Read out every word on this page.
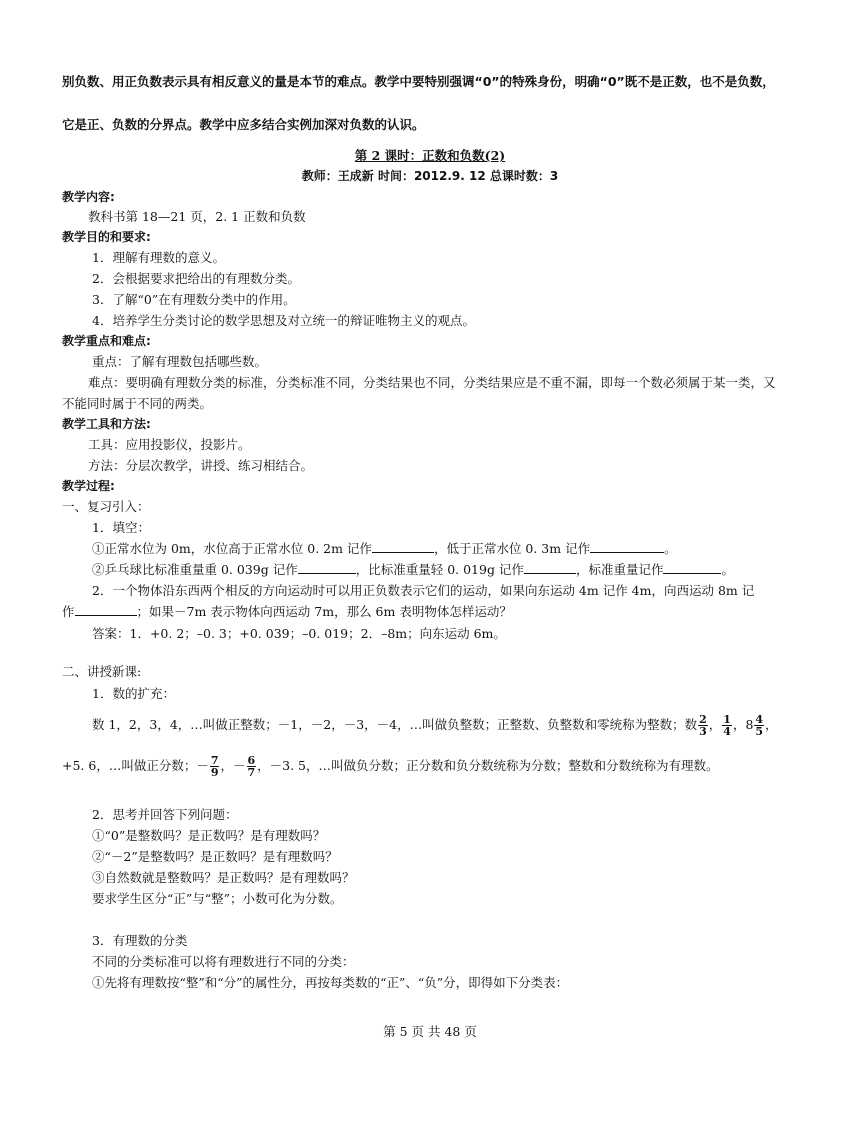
别负数、用正负数表示具有相反意义的量是本节的难点。教学中要特别强调“0”的特殊身份，明确“0”既不是正数，也不是负数，
它是正、负数的分界点。教学中应多结合实例加深对负数的认识。
第 2 课时：正数和负数(2)
教师：王成新 时间：2012.9. 12 总课时数：3
教学内容:
教科书第 18—21 页，2. 1 正数和负数
教学目的和要求:
1．理解有理数的意义。
2．会根据要求把给出的有理数分类。
3．了解“0”在有理数分类中的作用。
4．培养学生分类讨论的数学思想及对立统一的辩证唯物主义的观点。
教学重点和难点:
重点：了解有理数包括哪些数。
难点：要明确有理数分类的标准，分类标准不同，分类结果也不同，分类结果应是不重不漏，即每一个数必须属于某一类，又
不能同时属于不同的两类。
教学工具和方法:
工具：应用投影仪，投影片。
方法：分层次教学，讲授、练习相结合。
教学过程:
一、复习引入：
1．填空：
①正常水位为 0m，水位高于正常水位 0. 2m 记作	，低于正常水位 0. 3m 记作	。
②乒乓球比标准重量重 0. 039g 记作	，比标准重量轻 0. 019g 记作	，标准重量记作	。
2．一个物体沿东西两个相反的方向运动时可以用正负数表示它们的运动，如果向东运动 4m 记作 4m，向西运动 8m 记
作	；如果－7m 表示物体向西运动 7m，那么 6m 表明物体怎样运动？
答案：1．+0. 2；–0. 3；+0. 039；–0. 019；2．–8m；向东运动 6m。
二、讲授新课:
1．数的扩充：
数 1，2，3，4，…叫做正整数；－1，－2，－3，－4，…叫做负整数；正整数、负整数和零统称为整数；数 $\frac{2}{3}$ ， $\frac{1}{4}$ ，$8 \frac{4}{5}$ ，
+5. 6，…叫做正分数；－ $\frac{7}{9}$ ，－ $\frac{6}{7}$ ，－3. 5，…叫做负分数；正分数和负分数统称为分数；整数和分数统称为有理数。
2．思考并回答下列问题：
①“0”是整数吗？是正数吗？是有理数吗？
②“－2”是整数吗？是正数吗？是有理数吗？
③自然数就是整数吗？是正数吗？是有理数吗？
要求学生区分“正”与“整”；小数可化为分数。
3．有理数的分类
不同的分类标准可以将有理数进行不同的分类：
①先将有理数按“整”和“分”的属性分，再按每类数的“正”、“负”分，即得如下分类表：
第 5 页 共 48 页
